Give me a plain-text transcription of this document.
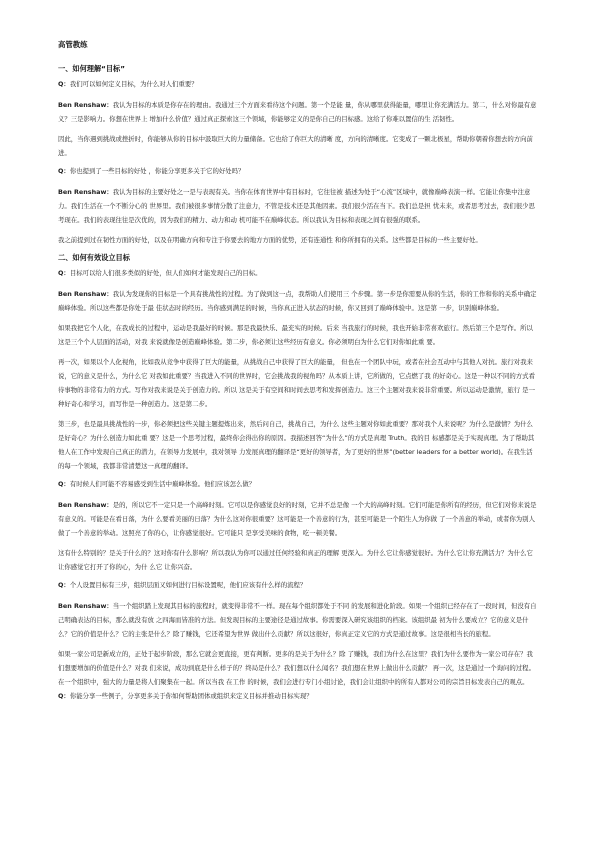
高管教练
一、如何理解“目标”
Q：我们可以如何定义目标，为什么对人们重要？
Ben Renshaw：我认为目标的本质是你存在的理由。我通过三个方面来看待这个问题。第一个是能 量，你从哪里获得能量，哪里让你充满活力。第二，什么对你最有意义？三是影响力。你想在世界上 增加什么价值？通过真正探索这三个领域，你能够定义的是你自己的目标感。这给了你难以置信的生 活韧性。
因此，当你遇到挑战或挫折时，你能够从你的目标中汲取巨大的力量储备。它也给了你巨大的清晰 度，方向的清晰度。它变成了一颗北极星，帮助你朝着你想去的方向前进。
Q：你也提到了一些目标的好处 ，你能分享更多关于它的好处吗？
Ben Renshaw：我认为目标的主要好处之一是与表现有关。当你在体育世界中有目标时，它往往被 描述为处于“心流”区域中，就像巅峰表演一样。它能让你集中注意力。我们生活在一个不断分心的 世界里。我们被很多事情分散了注意力，不管是技术还是其他因素。我们很少活在当下。我们总是担 忧未来，或者思考过去，我们很少思考现在。我们的表现往往是次优的，因为我们的精力、动力和动 机可能不在巅峰状态。所以我认为目标和表现之间有很强的联系。
我之前提到过在韧性方面的好处，以及在明确方向和专注于你要去的地方方面的优势，还有连通性 和你所拥有的关系。这些都是目标的一些主要好处。
二、如何有效设立目标
Q：目标可以给人们很多类似的好处，但人们如何才能发现自己的目标。
Ben Renshaw：我认为发现你的目标是一个具有挑战性的过程。为了做到这一点，我帮助人们使用三 个步骤。第一步是你需要从你的生活，你的工作和你的关系中确定巅峰体验。所以这些都是你处于最 佳状态时的经历。当你感到满足的时候，当你真正进入状态的时候，你又回到了巅峰体验中。这是第 一步，识别巅峰体验。
如果我把它个人化，在我成长的过程中，运动是我最好的时候。那是我最快乐、最充实的时候。后来 当我旅行的时候，我也开始非常喜欢旅行。然后第三个是写作。所以这是三个个人层面的活动，对我 来说就像是创造巅峰体验。第二步，你必须让这些经历有意义。你必须明白为什么它们对你如此重 要。
再一次，如果以个人化视角，比如我从竞争中获得了巨大的能量，从挑战自己中获得了巨大的能量， 但也在一个团队中玩，或者在社会互动中与其他人对抗。旅行对我来说，它的意义是什么，为什么它 对我如此重要？当我进入不同的世界时，它会挑战我的视角吗？从本质上讲，它所做的，它点燃了我 的好奇心。这是一种以不同的方式看待事物的非常有力的方式。写作对我来说是关于创造力的。所以 这是关于有空间和时间去思考和发挥创造力。这三个主题对我来说非常重要。所以运动是激情，旅行 是一种好奇心和学习，而写作是一种创造力。这是第二步。
第三步，也是最具挑战性的一步，你必须把这些关键主题提炼出来，然后问自己，挑战自己，为什么 这些主题对你如此重要？那对我个人来说呢？为什么是激情？为什么是好奇心？为什么创造力如此重 要？这是一个思考过程，最终你会得出你的原因。我描述回答“为什么”的方式是真理 Truth。我的目 标感都是关于实现真理。为了帮助其他人在工作中发现自己真正的潜力，在领导力发展中，我对领导 力发展真理的翻译是“更好的领导者，为了更好的世界”(better leaders for a better world)。在我生活 的每一个领域，我都非常清楚这一真理的翻译。
Q：有时候人们可能不容易感受到生活中巅峰体验。他们应该怎么做？
Ben Renshaw：是的，所以它不一定只是一个高峰时刻。它可以是你感觉良好的时刻，它并不总是像 一个大的高峰时刻。它们可能是你所有的经历，但它们对你来说是有意义的。可能是在看日落，为什 么要看美丽的日落？为什么这对你很重要？这可能是一个善意的行为，甚至可能是一个陌生人为你做 了一个善意的举动，或者你为别人做了一个善意的举动。这照亮了你的心，让你感觉很好。它可能只 是享受美味的食物，吃一顿美餐。
这有什么特别的？是关于什么的？这对你有什么影响？所以我认为你可以通过任何经验和真正的理解 更深入。为什么它让你感觉很好。为什么它让你充满活力？为什么它让你感觉它打开了你的心，为什 么它 让你兴奋。
Q：个人设置目标有三步，组织层面又如何进行目标设置呢，他们应该有什么样的流程？
Ben Renshaw：当一个组织踏上发现其目标的旅程时，就变得非常不一样。现在每个组织都处于不同 的发展和进化阶段。如果一个组织已经存在了一段时间，但没有自己明确表达的目标，那么就没有放 之四海而皆准的方法。但发现目标的主要途径是通过故事。你需要深入研究该组织的档案。该组织最 初为什么要成立？它的意义是什么？它的价值是什么？它的主张是什么？除了赚钱，它还希望为世界 做出什么贡献？所以这很好，你真正定义它的方式是通过故事。这是很相当长的旅程。
如果一家公司是新成立的，正处于起步阶段，那么它就会更直接，更有判断。更多的是关于为什么？除 了赚钱，我们为什么在这里？我们为什么要作为一家公司存在？我们想要增加的价值是什么？对我 们来说，成功到底是什么样子的？终局是什么？我们想以什么闻名？我们想在世界上做出什么贡献？ 再一次，这是通过一个询问的过程。在一个组织中，强大的力量是将人们聚集在一起。所以当我 在工作 的时候，我们会进行专门小组讨论，我们会让组织中的所有人都对公司的宗旨目标发表自己的观点。Q：你能分享一些例子，分享更多关于你如何帮助团体或组织来定义目标并推动目标实现？
